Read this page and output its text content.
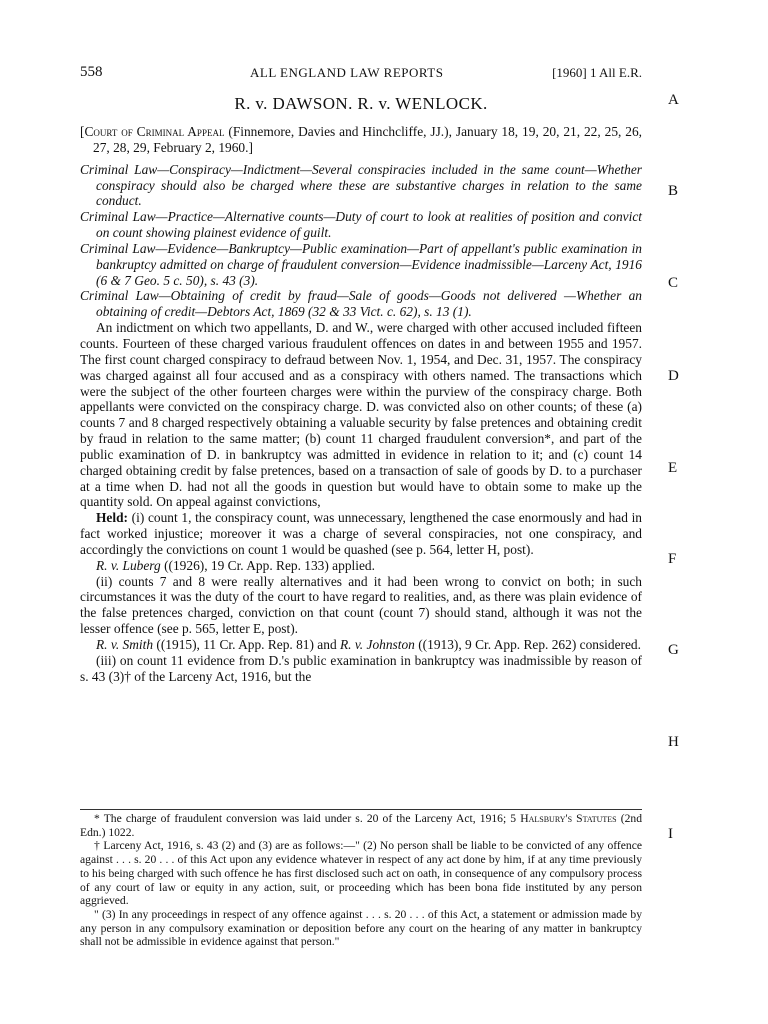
558	ALL ENGLAND LAW REPORTS	[1960] 1 All E.R.
R. v. DAWSON. R. v. WENLOCK.

[Court of Criminal Appeal (Finnemore, Davies and Hinchcliffe, JJ.), January 18, 19, 20, 21, 22, 25, 26, 27, 28, 29, February 2, 1960.]

Criminal Law—Conspiracy—Indictment—Several conspiracies included in the same count—Whether conspiracy should also be charged where these are substantive charges in relation to the same conduct.

Criminal Law—Practice—Alternative counts—Duty of court to look at realities of position and convict on count showing plainest evidence of guilt.

Criminal Law—Evidence—Bankruptcy—Public examination—Part of appellant's public examination in bankruptcy admitted on charge of fraudulent conversion—Evidence inadmissible—Larceny Act, 1916 (6 & 7 Geo. 5 c. 50), s. 43 (3).

Criminal Law—Obtaining of credit by fraud—Sale of goods—Goods not delivered —Whether an obtaining of credit—Debtors Act, 1869 (32 & 33 Vict. c. 62), s. 13 (1).

An indictment on which two appellants, D. and W., were charged with other accused included fifteen counts. Fourteen of these charged various fraudulent offences on dates in and between 1955 and 1957. The first count charged conspiracy to defraud between Nov. 1, 1954, and Dec. 31, 1957. The conspiracy was charged against all four accused and as a conspiracy with others named. The transactions which were the subject of the other fourteen charges were within the purview of the conspiracy charge. Both appellants were convicted on the conspiracy charge. D. was convicted also on other counts; of these (a) counts 7 and 8 charged respectively obtaining a valuable security by false pretences and obtaining credit by fraud in relation to the same matter; (b) count 11 charged fraudulent conversion*, and part of the public examination of D. in bankruptcy was admitted in evidence in relation to it; and (c) count 14 charged obtaining credit by false pretences, based on a transaction of sale of goods by D. to a purchaser at a time when D. had not all the goods in question but would have to obtain some to make up the quantity sold. On appeal against convictions,

Held: (i) count 1, the conspiracy count, was unnecessary, lengthened the case enormously and had in fact worked injustice; moreover it was a charge of several conspiracies, not one conspiracy, and accordingly the convictions on count 1 would be quashed (see p. 564, letter H, post).

R. v. Luberg ((1926), 19 Cr. App. Rep. 133) applied.

(ii) counts 7 and 8 were really alternatives and it had been wrong to convict on both; in such circumstances it was the duty of the court to have regard to realities, and, as there was plain evidence of the false pretences charged, conviction on that count (count 7) should stand, although it was not the lesser offence (see p. 565, letter E, post).

R. v. Smith ((1915), 11 Cr. App. Rep. 81) and R. v. Johnston ((1913), 9 Cr. App. Rep. 262) considered.

(iii) on count 11 evidence from D.'s public examination in bankruptcy was inadmissible by reason of s. 43 (3)† of the Larceny Act, 1916, but the

* The charge of fraudulent conversion was laid under s. 20 of the Larceny Act, 1916; 5 Halsbury's Statutes (2nd Edn.) 1022.

† Larceny Act, 1916, s. 43 (2) and (3) are as follows:—" (2) No person shall be liable to be convicted of any offence against . . . s. 20 . . . of this Act upon any evidence whatever in respect of any act done by him, if at any time previously to his being charged with such offence he has first disclosed such act on oath, in consequence of any compulsory process of any court of law or equity in any action, suit, or proceeding which has been bona fide instituted by any person aggrieved.

" (3) In any proceedings in respect of any offence against . . . s. 20 . . . of this Act, a statement or admission made by any person in any compulsory examination or deposition before any court on the hearing of any matter in bankruptcy shall not be admissible in evidence against that person."

A
B
C
D
E
F
G
H
I
